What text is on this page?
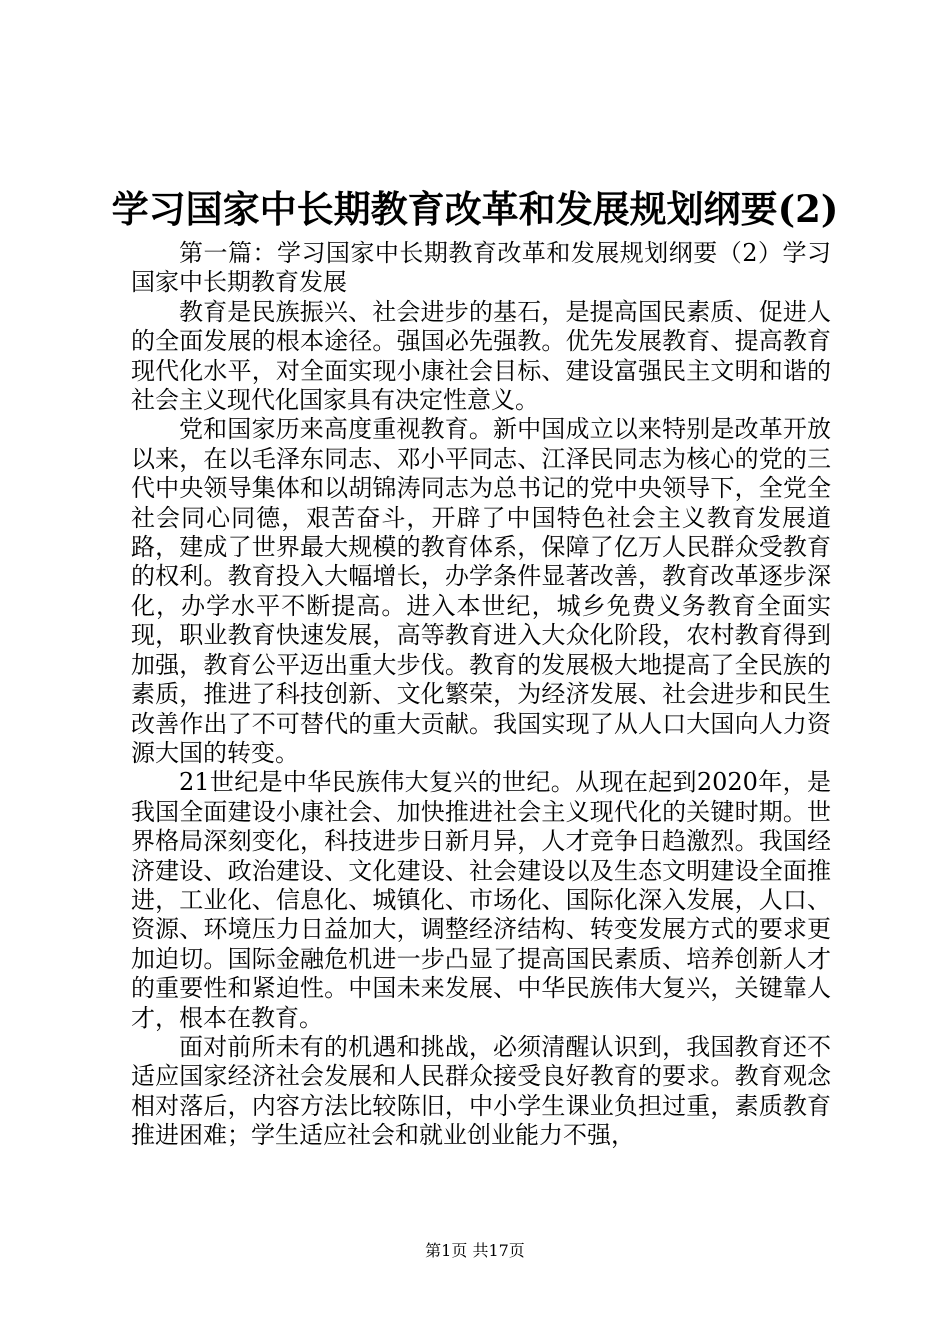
学习国家中长期教育改革和发展规划纲要(2)

第一篇：学习国家中长期教育改革和发展规划纲要（2）学习国家中长期教育发展

教育是民族振兴、社会进步的基石，是提高国民素质、促进人的全面发展的根本途径。强国必先强教。优先发展教育、提高教育现代化水平，对全面实现小康社会目标、建设富强民主文明和谐的社会主义现代化国家具有决定性意义。

党和国家历来高度重视教育。新中国成立以来特别是改革开放以来，在以毛泽东同志、邓小平同志、江泽民同志为核心的党的三代中央领导集体和以胡锦涛同志为总书记的党中央领导下，全党全社会同心同德，艰苦奋斗，开辟了中国特色社会主义教育发展道路，建成了世界最大规模的教育体系，保障了亿万人民群众受教育的权利。教育投入大幅增长，办学条件显著改善，教育改革逐步深化，办学水平不断提高。进入本世纪，城乡免费义务教育全面实现，职业教育快速发展，高等教育进入大众化阶段，农村教育得到加强，教育公平迈出重大步伐。教育的发展极大地提高了全民族的素质，推进了科技创新、文化繁荣，为经济发展、社会进步和民生改善作出了不可替代的重大贡献。我国实现了从人口大国向人力资源大国的转变。

21世纪是中华民族伟大复兴的世纪。从现在起到2020年，是我国全面建设小康社会、加快推进社会主义现代化的关键时期。世界格局深刻变化，科技进步日新月异，人才竞争日趋激烈。我国经济建设、政治建设、文化建设、社会建设以及生态文明建设全面推进，工业化、信息化、城镇化、市场化、国际化深入发展，人口、资源、环境压力日益加大，调整经济结构、转变发展方式的要求更加迫切。国际金融危机进一步凸显了提高国民素质、培养创新人才的重要性和紧迫性。中国未来发展、中华民族伟大复兴，关键靠人才，根本在教育。

面对前所未有的机遇和挑战，必须清醒认识到，我国教育还不适应国家经济社会发展和人民群众接受良好教育的要求。教育观念相对落后，内容方法比较陈旧，中小学生课业负担过重，素质教育推进困难；学生适应社会和就业创业能力不强，

第1页 共17页
